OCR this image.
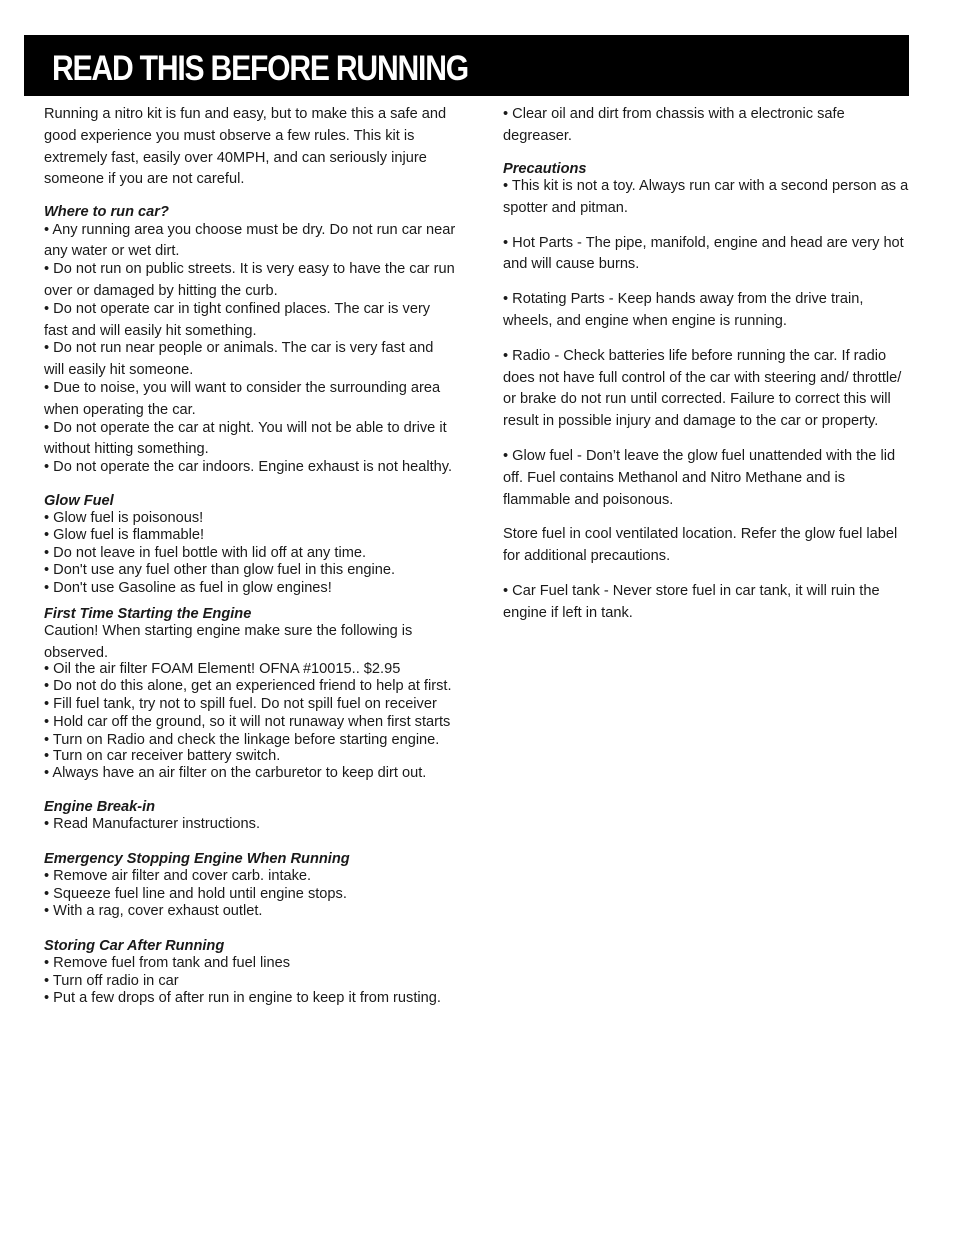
READ THIS BEFORE RUNNING

Running a nitro kit is fun and easy, but to make this a safe and good experience you must observe a few rules. This kit is extremely fast, easily over 40MPH, and can seriously injure someone if you are not careful.

Where to run car?

• Any running area you choose must be dry. Do not run car near any water or wet dirt.
• Do not run on public streets. It is very easy to have the car run over or damaged by hitting the curb.
• Do not operate car in tight confined places. The car is very fast and will easily hit something.
• Do not run near people or animals. The car is very fast and will easily hit someone.
• Due to noise, you will want to consider the surrounding area when operating the car.
• Do not operate the car at night. You will not be able to drive it without hitting something.
• Do not operate the car indoors. Engine exhaust is not healthy.

Glow Fuel

• Glow fuel is poisonous!
• Glow fuel is flammable!
• Do not leave in fuel bottle with lid off at any time.
• Don't use any fuel other than glow fuel in this engine.
• Don't use Gasoline as fuel in glow engines!

First Time Starting the Engine

Caution! When starting engine make sure the following is observed.
• Oil the air filter FOAM Element! OFNA #10015.. $2.95
• Do not do this alone, get an experienced friend to help at first.
• Fill fuel tank, try not to spill fuel. Do not spill fuel on receiver
• Hold car off the ground, so it will not runaway when first starts
• Turn on Radio and check the linkage before starting engine.
• Turn on car receiver battery switch.
• Always have an air filter on the carburetor to keep dirt out.

Engine Break-in

• Read Manufacturer instructions.

Emergency Stopping Engine When Running

• Remove air filter and cover carb. intake.
• Squeeze fuel line and hold until engine stops.
• With a rag, cover exhaust outlet.

Storing Car After Running

• Remove fuel from tank and fuel lines
• Turn off radio in car
• Put a few drops of after run in engine to keep it from rusting.

• Clear oil and dirt from chassis with a electronic safe degreaser.

Precautions

• This kit is not a toy. Always run car with a second person as a spotter and pitman.

• Hot Parts - The pipe, manifold, engine and head are very hot and will cause burns.

• Rotating Parts - Keep hands away from the drive train, wheels, and engine when engine is running.

• Radio - Check batteries life before running the car. If radio does not have full control of the car with steering and/ throttle/ or brake do not run until corrected. Failure to correct this will result in possible injury and damage to the car or property.

• Glow fuel - Don’t leave the glow fuel unattended with the lid off. Fuel contains Methanol and Nitro Methane and is flammable and poisonous.

Store fuel in cool ventilated location. Refer the glow fuel label for additional precautions.

• Car Fuel tank - Never store fuel in car tank, it will ruin the engine if left in tank.
